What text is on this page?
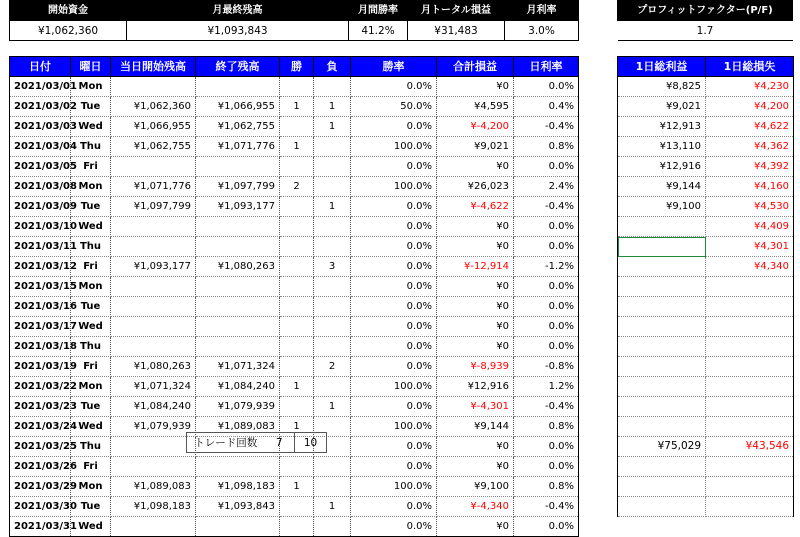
開始資金	月最終残高	月間勝率	月トータル損益	月利率
¥1,062,360	¥1,093,843	41.2%	¥31,483	3.0%
プロフィットファクター(P/F)
1.7
日付	曜日	当日開始残高	終了残高	勝	負	勝率	合計損益	日利率
2021/03/01	Mon					0.0%	¥0	0.0%
2021/03/02	Tue	¥1,062,360	¥1,066,955	1	1	50.0%	¥4,595	0.4%
2021/03/03	Wed	¥1,066,955	¥1,062,755		1	0.0%	¥-4,200	-0.4%
2021/03/04	Thu	¥1,062,755	¥1,071,776	1		100.0%	¥9,021	0.8%
2021/03/05	Fri					0.0%	¥0	0.0%
2021/03/08	Mon	¥1,071,776	¥1,097,799	2		100.0%	¥26,023	2.4%
2021/03/09	Tue	¥1,097,799	¥1,093,177		1	0.0%	¥-4,622	-0.4%
2021/03/10	Wed					0.0%	¥0	0.0%
2021/03/11	Thu					0.0%	¥0	0.0%
2021/03/12	Fri	¥1,093,177	¥1,080,263		3	0.0%	¥-12,914	-1.2%
2021/03/15	Mon					0.0%	¥0	0.0%
2021/03/16	Tue					0.0%	¥0	0.0%
2021/03/17	Wed					0.0%	¥0	0.0%
2021/03/18	Thu					0.0%	¥0	0.0%
2021/03/19	Fri	¥1,080,263	¥1,071,324		2	0.0%	¥-8,939	-0.8%
2021/03/22	Mon	¥1,071,324	¥1,084,240	1		100.0%	¥12,916	1.2%
2021/03/23	Tue	¥1,084,240	¥1,079,939		1	0.0%	¥-4,301	-0.4%
2021/03/24	Wed	¥1,079,939	¥1,089,083	1		100.0%	¥9,144	0.8%
2021/03/25	Thu					0.0%	¥0	0.0%
2021/03/26	Fri					0.0%	¥0	0.0%
2021/03/29	Mon	¥1,089,083	¥1,098,183	1		100.0%	¥9,100	0.8%
2021/03/30	Tue	¥1,098,183	¥1,093,843		1	0.0%	¥-4,340	-0.4%
2021/03/31	Wed					0.0%	¥0	0.0%
トレード回数	7	10
1日総利益	1日総損失
¥8,825	¥4,230
¥9,021	¥4,200
¥12,913	¥4,622
¥13,110	¥4,362
¥12,916	¥4,392
¥9,144	¥4,160
¥9,100	¥4,530
	¥4,409
	¥4,301
	¥4,340

¥75,029	¥43,546
